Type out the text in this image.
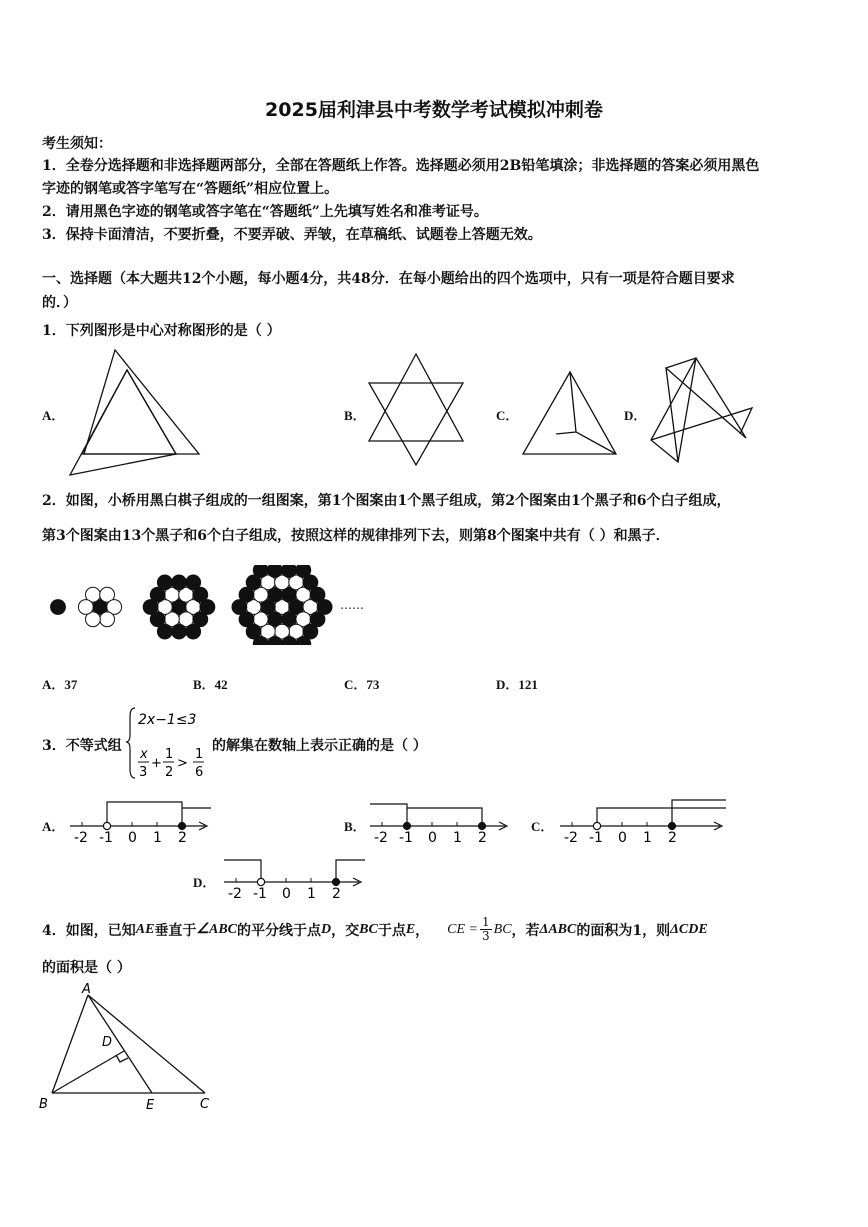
2025届利津县中考数学考试模拟冲刺卷
考生须知：
1．全卷分选择题和非选择题两部分，全部在答题纸上作答。选择题必须用2B铅笔填涂；非选择题的答案必须用黑色
字迹的钢笔或答字笔写在“答题纸”相应位置上。
2．请用黑色字迹的钢笔或答字笔在“答题纸”上先填写姓名和准考证号。
3．保持卡面清洁，不要折叠，不要弄破、弄皱，在草稿纸、试题卷上答题无效。
一、选择题（本大题共12个小题，每小题4分，共48分．在每小题给出的四个选项中，只有一项是符合题目要求
的．）
1．下列图形是中心对称图形的是（ ）
A．	B．	C．	D．
2．如图，小桥用黑白棋子组成的一组图案，第1个图案由1个黑子组成，第2个图案由1个黑子和6个白子组成，
第3个图案由13个黑子和6个白子组成，按照这样的规律排列下去，则第8个图案中共有（ ）和黑子．
……
A．37	B．42	C．73	D．121
3．不等式组
2x−1≤3
x
3
+
1
2
>
1
6
的解集在数轴上表示正确的是（ ）
A．
-2 -1 0 1 2
B．
-2 -1 0 1 2
C．
-2 -1 0 1 2
D．
-2 -1 0 1 2
4．如图，已知 AE 垂直于 ∠ABC 的平分线于点 D ，交 BC 于点 E ， CE = $\frac{1}{3}$ BC ，若 ΔABC 的面积为1，则 ΔCDE
的面积是（ ）
A
B	C
D
E
